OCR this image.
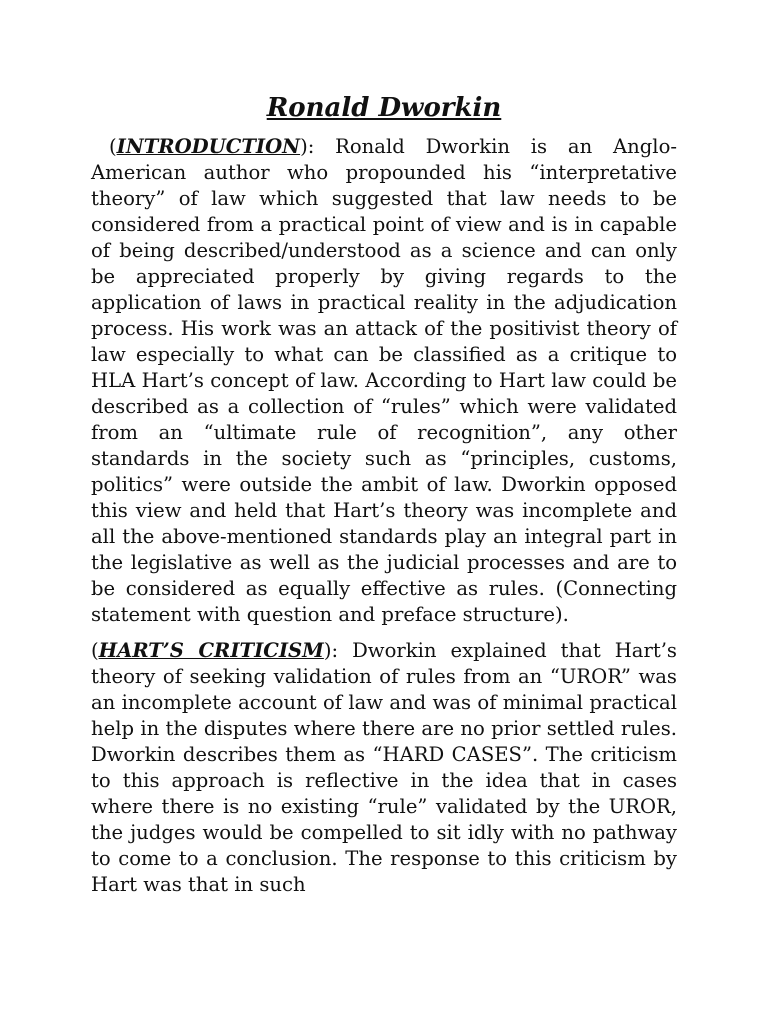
Ronald Dworkin

(INTRODUCTION): Ronald Dworkin is an Anglo-American author who propounded his “interpretative theory” of law which suggested that law needs to be considered from a practical point of view and is in capable of being described/understood as a science and can only be appreciated properly by giving regards to the application of laws in practical reality in the adjudication process. His work was an attack of the positivist theory of law especially to what can be classified as a critique to HLA Hart’s concept of law. According to Hart law could be described as a collection of “rules” which were validated from an “ultimate rule of recognition”, any other standards in the society such as “principles, customs, politics” were outside the ambit of law. Dworkin opposed this view and held that Hart’s theory was incomplete and all the above-mentioned standards play an integral part in the legislative as well as the judicial processes and are to be considered as equally effective as rules. (Connecting statement with question and preface structure).

(HART’S CRITICISM): Dworkin explained that Hart’s theory of seeking validation of rules from an “UROR” was an incomplete account of law and was of minimal practical help in the disputes where there are no prior settled rules. Dworkin describes them as “HARD CASES”. The criticism to this approach is reflective in the idea that in cases where there is no existing “rule” validated by the UROR, the judges would be compelled to sit idly with no pathway to come to a conclusion. The response to this criticism by Hart was that in such
